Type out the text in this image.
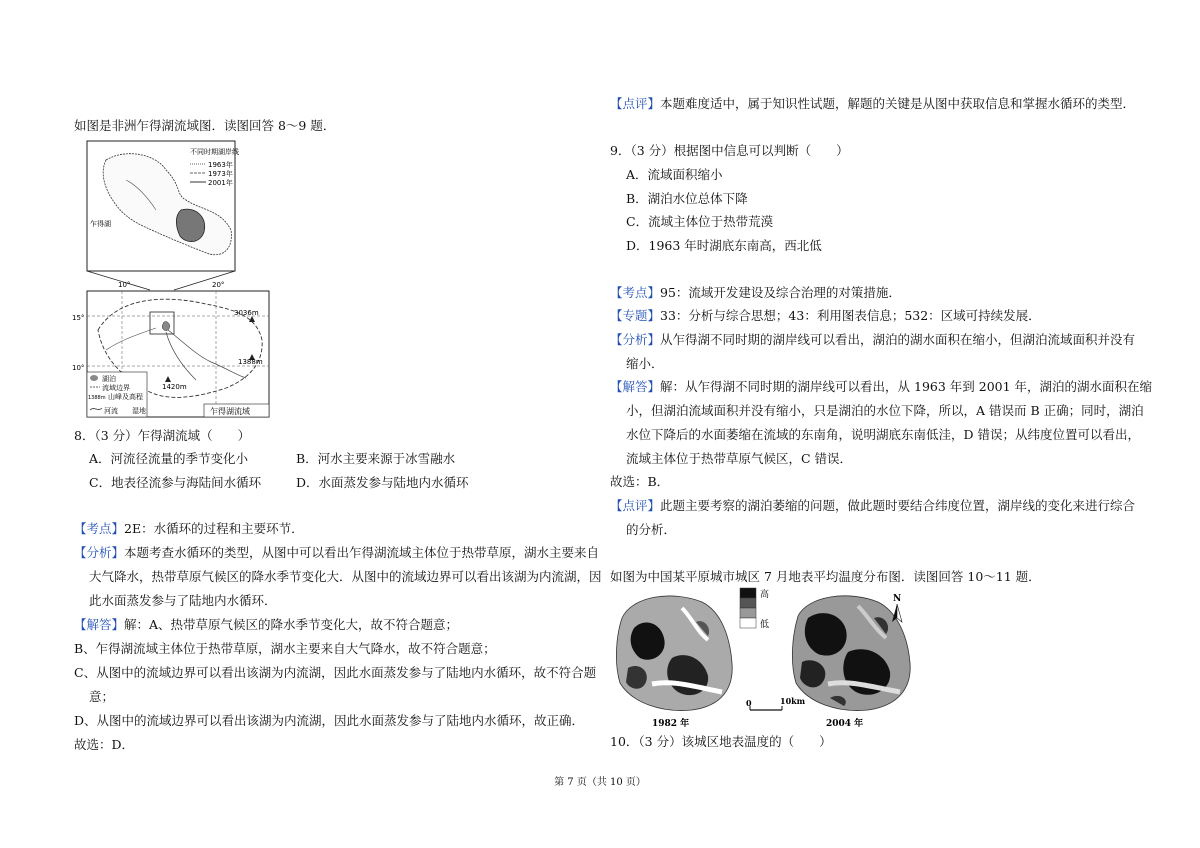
如图是非洲乍得湖流域图．读图回答 8～9 题．
不同时期湖岸线
1963年
1973年
2001年
乍得湖
10°	20°
15°
10°
3036m
1388m
1420m
湖泊
流域边界
1388m 山峰及高程
河流 湿地	乍得湖流域
8．（3 分）乍得湖流域（　　）
A．河流径流量的季节变化小	B．河水主要来源于冰雪融水
C．地表径流参与海陆间水循环	D．水面蒸发参与陆地内水循环
【考点】2E：水循环的过程和主要环节．
【分析】本题考查水循环的类型，从图中可以看出乍得湖流域主体位于热带草原，湖水主要来自
大气降水，热带草原气候区的降水季节变化大．从图中的流域边界可以看出该湖为内流湖，因
此水面蒸发参与了陆地内水循环．
【解答】解：A、热带草原气候区的降水季节变化大，故不符合题意；
B、乍得湖流域主体位于热带草原，湖水主要来自大气降水，故不符合题意；
C、从图中的流域边界可以看出该湖为内流湖，因此水面蒸发参与了陆地内水循环，故不符合题
意；
D、从图中的流域边界可以看出该湖为内流湖，因此水面蒸发参与了陆地内水循环，故正确．
故选：D．
【点评】本题难度适中，属于知识性试题，解题的关键是从图中获取信息和掌握水循环的类型．
9．（3 分）根据图中信息可以判断（　　）
A．流域面积缩小
B．湖泊水位总体下降
C．流域主体位于热带荒漠
D．1963 年时湖底东南高，西北低
【考点】95：流域开发建设及综合治理的对策措施．
【专题】33：分析与综合思想；43：利用图表信息；532：区域可持续发展．
【分析】从乍得湖不同时期的湖岸线可以看出，湖泊的湖水面积在缩小，但湖泊流域面积并没有
缩小．
【解答】解：从乍得湖不同时期的湖岸线可以看出，从 1963 年到 2001 年，湖泊的湖水面积在缩
小，但湖泊流域面积并没有缩小，只是湖泊的水位下降，所以，A 错误而 B 正确；同时，湖泊
水位下降后的水面萎缩在流域的东南角，说明湖底东南低洼，D 错误；从纬度位置可以看出，
流域主体位于热带草原气候区，C 错误．
故选：B．
【点评】此题主要考察的湖泊萎缩的问题，做此题时要结合纬度位置，湖岸线的变化来进行综合
的分析．
如图为中国某平原城市城区 7 月地表平均温度分布图．读图回答 10～11 题．
高
低
N
0	10km
1982 年	2004 年
10．（3 分）该城区地表温度的（　　）
第 7 页（共 10 页）
